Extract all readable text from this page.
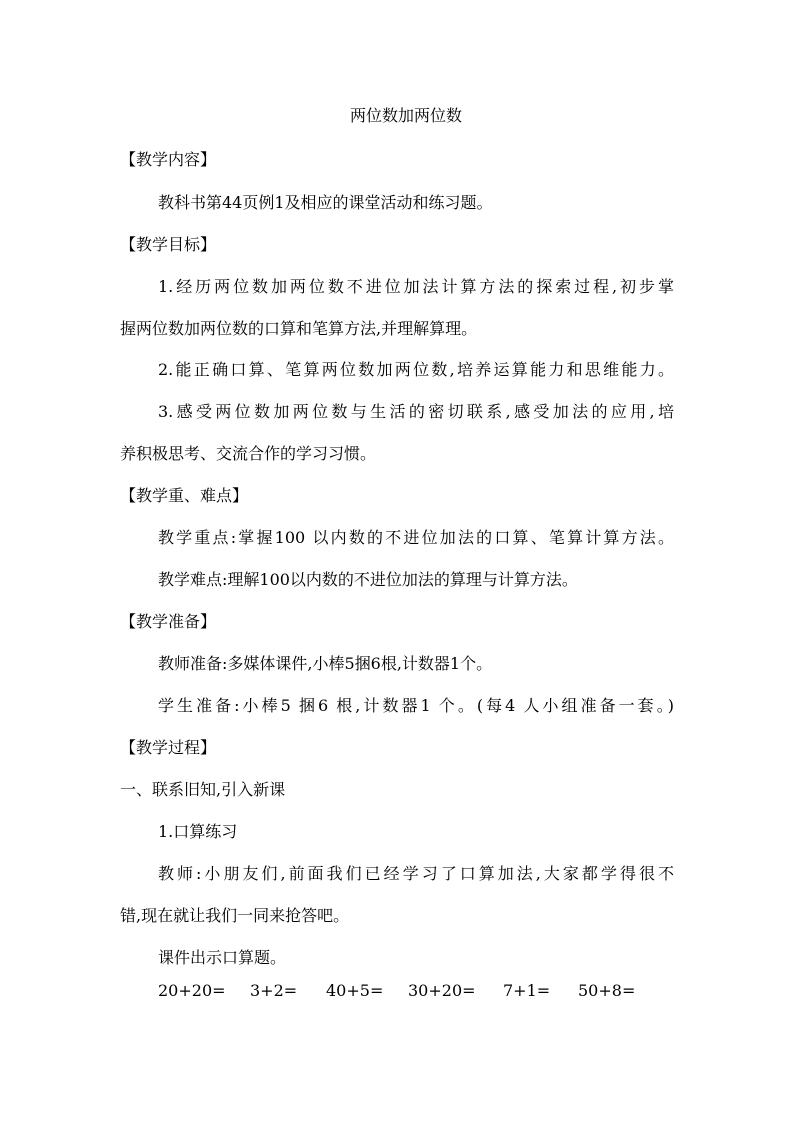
两位数加两位数
【教学内容】
教科书第44页例1及相应的课堂活动和练习题。
【教学目标】
1.经历两位数加两位数不进位加法计算方法的探索过程,初步掌
握两位数加两位数的口算和笔算方法,并理解算理。
2.能正确口算、笔算两位数加两位数,培养运算能力和思维能力。
3.感受两位数加两位数与生活的密切联系,感受加法的应用,培
养积极思考、交流合作的学习习惯。
【教学重、难点】
教学重点:掌握100 以内数的不进位加法的口算、笔算计算方法。
教学难点:理解100以内数的不进位加法的算理与计算方法。
【教学准备】
教师准备:多媒体课件,小棒5捆6根,计数器1个。
学生准备:小棒5 捆6 根,计数器1 个。(每4 人小组准备一套。)
【教学过程】
一、联系旧知,引入新课
1.口算练习
教师:小朋友们,前面我们已经学习了口算加法,大家都学得很不
错,现在就让我们一同来抢答吧。
课件出示口算题。
20+20= 3+2= 40+5= 30+20= 7+1= 50+8=
